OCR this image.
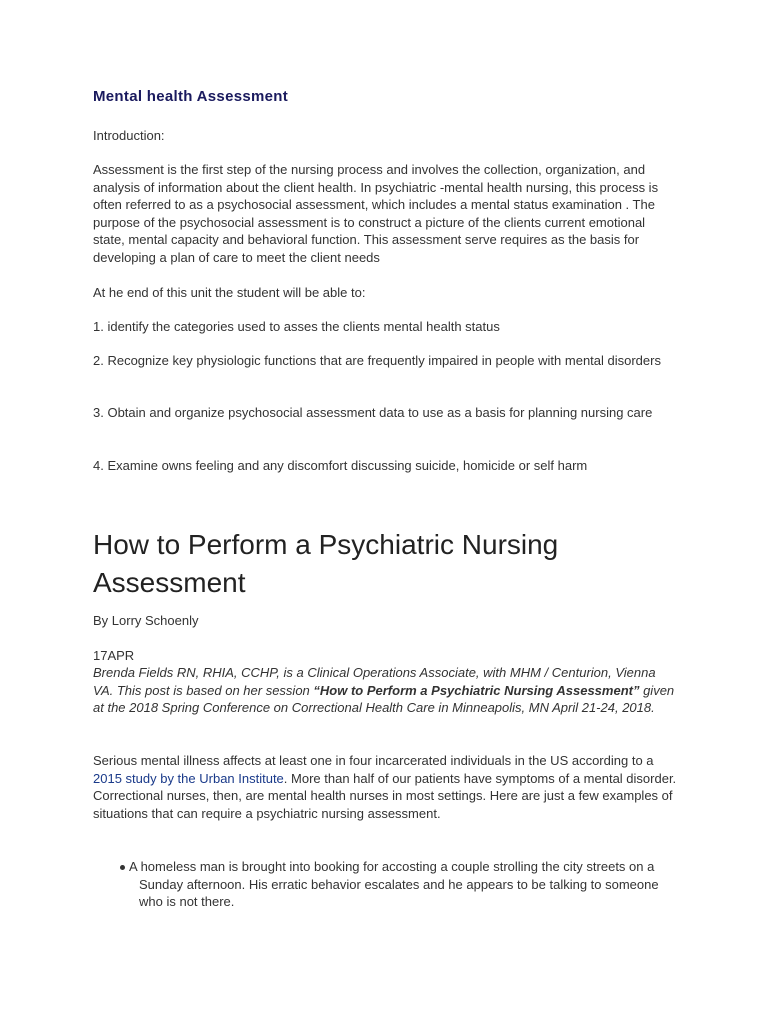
Mental health Assessment

Introduction:

Assessment is the first step of the nursing process and involves the collection, organization, and analysis of information about the client health. In psychiatric -mental health nursing, this process is often referred to as a psychosocial assessment, which includes a mental status examination . The purpose of the psychosocial assessment is to construct a picture of the clients current emotional state, mental capacity and behavioral function. This assessment serve requires as the basis for developing a plan of care to meet the client needs

At he end of this unit the student will be able to:

1. identify the categories used to asses the clients mental health status

2. Recognize key physiologic functions that are frequently impaired in people with mental disorders

3. Obtain and organize psychosocial assessment data to use as a basis for planning nursing care

4. Examine owns feeling and any discomfort discussing suicide, homicide or self harm

How to Perform a Psychiatric Nursing Assessment

By Lorry Schoenly

17APR

Brenda Fields RN, RHIA, CCHP, is a Clinical Operations Associate, with MHM / Centurion, Vienna VA. This post is based on her session “How to Perform a Psychiatric Nursing Assessment” given at the 2018 Spring Conference on Correctional Health Care in Minneapolis, MN April 21-24, 2018.

Serious mental illness affects at least one in four incarcerated individuals in the US according to a 2015 study by the Urban Institute. More than half of our patients have symptoms of a mental disorder. Correctional nurses, then, are mental health nurses in most settings. Here are just a few examples of situations that can require a psychiatric nursing assessment.

A homeless man is brought into booking for accosting a couple strolling the city streets on a Sunday afternoon. His erratic behavior escalates and he appears to be talking to someone who is not there.
